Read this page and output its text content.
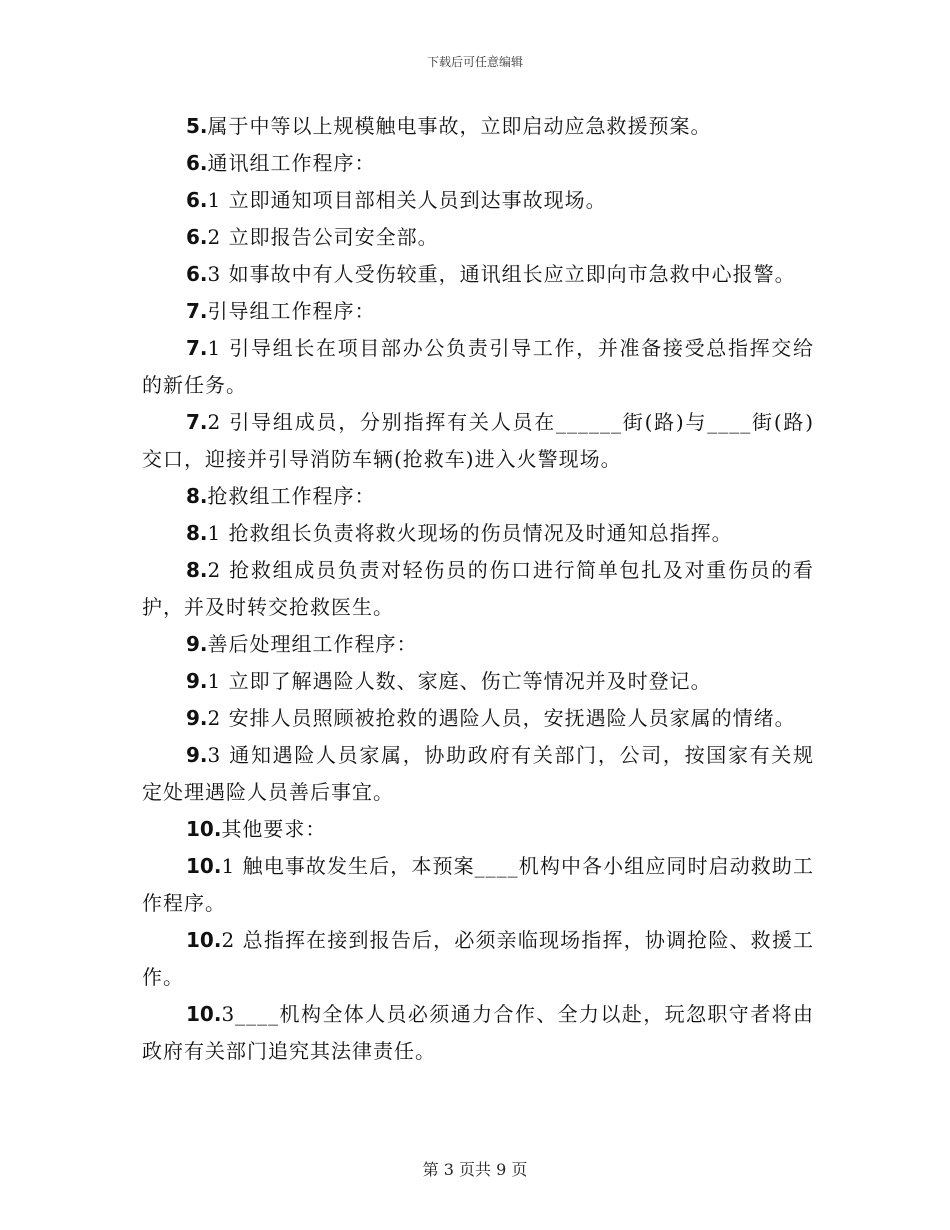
下载后可任意编辑

5.属于中等以上规模触电事故，立即启动应急救援预案。

6.通讯组工作程序：

6.1 立即通知项目部相关人员到达事故现场。

6.2 立即报告公司安全部。

6.3 如事故中有人受伤较重，通讯组长应立即向市急救中心报警。

7.引导组工作程序：

7.1 引导组长在项目部办公负责引导工作，并准备接受总指挥交给的新任务。

7.2 引导组成员，分别指挥有关人员在______街(路)与____街(路)交口，迎接并引导消防车辆(抢救车)进入火警现场。

8.抢救组工作程序：

8.1 抢救组长负责将救火现场的伤员情况及时通知总指挥。

8.2 抢救组成员负责对轻伤员的伤口进行简单包扎及对重伤员的看护，并及时转交抢救医生。

9.善后处理组工作程序：

9.1 立即了解遇险人数、家庭、伤亡等情况并及时登记。

9.2 安排人员照顾被抢救的遇险人员，安抚遇险人员家属的情绪。

9.3 通知遇险人员家属，协助政府有关部门，公司，按国家有关规定处理遇险人员善后事宜。

10.其他要求：

10.1 触电事故发生后，本预案____机构中各小组应同时启动救助工作程序。

10.2 总指挥在接到报告后，必须亲临现场指挥，协调抢险、救援工作。

10.3____机构全体人员必须通力合作、全力以赴，玩忽职守者将由政府有关部门追究其法律责任。

第 3 页共 9 页
